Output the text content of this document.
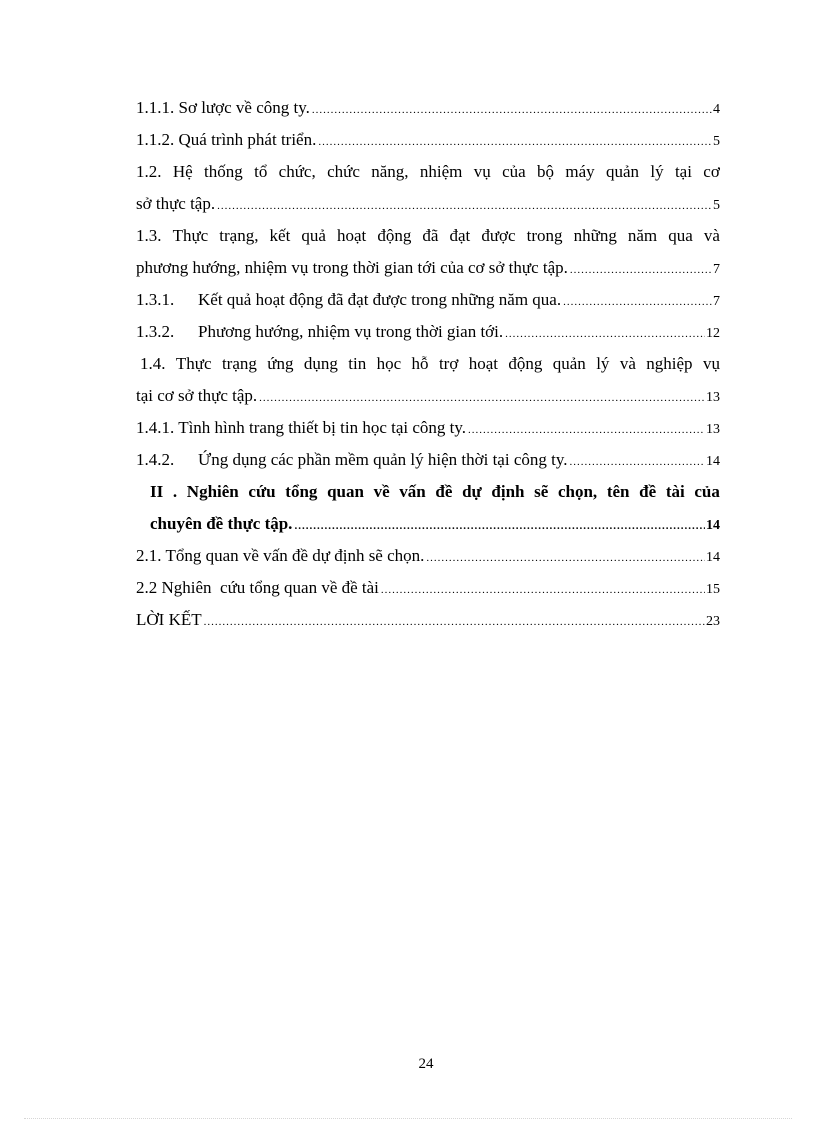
1.1.1. Sơ lược về công ty. .....	4
1.1.2. Quá trình phát triển. .....	5
1.2. Hệ thống tổ chức, chức năng, nhiệm vụ của bộ máy quản lý tại cơ
sở thực tập. .....	5
1.3. Thực trạng, kết quả hoạt động đã đạt được trong những năm qua và
phương hướng, nhiệm vụ trong thời gian tới của cơ sở thực tập. .....	7
1.3.1.	Kết quả hoạt động đã đạt được trong những năm qua. .....	7
1.3.2.	Phương hướng, nhiệm vụ trong thời gian tới. .....	12
1.4. Thực trạng ứng dụng tin học hỗ trợ hoạt động quản lý và nghiệp vụ
tại cơ sở thực tập. .....	13
1.4.1. Tình hình trang thiết bị tin học tại công ty. .....	13
1.4.2.	Ứng dụng các phần mềm quản lý hiện thời tại công ty. .....	14
II . Nghiên cứu tổng quan về vấn đề dự định sẽ chọn, tên đề tài của
chuyên đề thực tập. .....	14
2.1. Tổng quan về vấn đề dự định sẽ chọn. .....	14
2.2 Nghiên  cứu tổng quan về đề tài .....	15
LỜI KẾT .....	23
24
